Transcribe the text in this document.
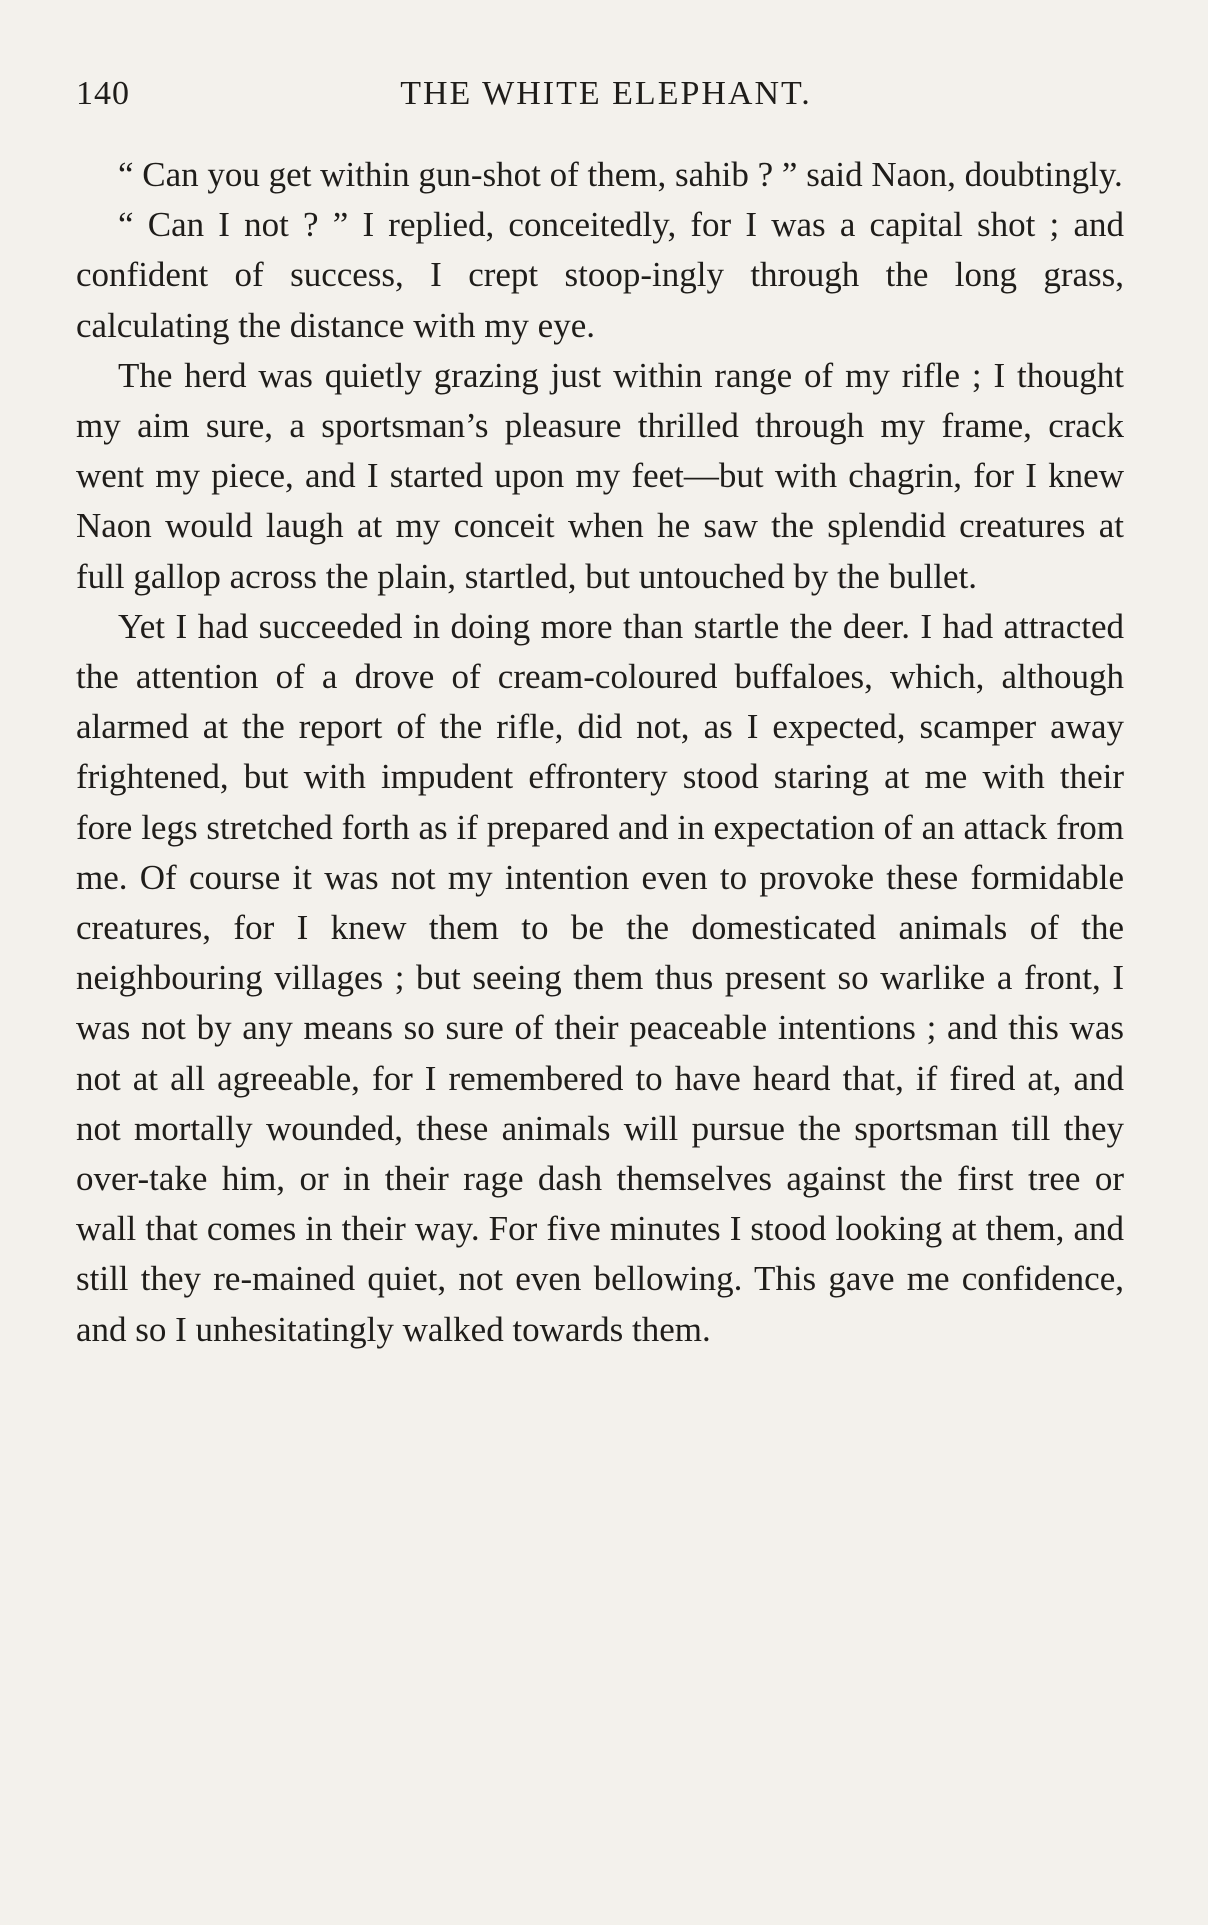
140	THE WHITE ELEPHANT.

“ Can you get within gun-shot of them, sahib ? ” said Naon, doubtingly.

“ Can I not ? ” I replied, conceitedly, for I was a capital shot ; and confident of success, I crept stoop-ingly through the long grass, calculating the distance with my eye.

The herd was quietly grazing just within range of my rifle ; I thought my aim sure, a sportsman’s pleasure thrilled through my frame, crack went my piece, and I started upon my feet—but with chagrin, for I knew Naon would laugh at my conceit when he saw the splendid creatures at full gallop across the plain, startled, but untouched by the bullet.

Yet I had succeeded in doing more than startle the deer. I had attracted the attention of a drove of cream-coloured buffaloes, which, although alarmed at the report of the rifle, did not, as I expected, scamper away frightened, but with impudent effrontery stood staring at me with their fore legs stretched forth as if prepared and in expectation of an attack from me. Of course it was not my intention even to provoke these formidable creatures, for I knew them to be the domesticated animals of the neighbouring villages ; but seeing them thus present so warlike a front, I was not by any means so sure of their peaceable intentions ; and this was not at all agreeable, for I remembered to have heard that, if fired at, and not mortally wounded, these animals will pursue the sportsman till they over-take him, or in their rage dash themselves against the first tree or wall that comes in their way. For five minutes I stood looking at them, and still they re-mained quiet, not even bellowing. This gave me confidence, and so I unhesitatingly walked towards them.
